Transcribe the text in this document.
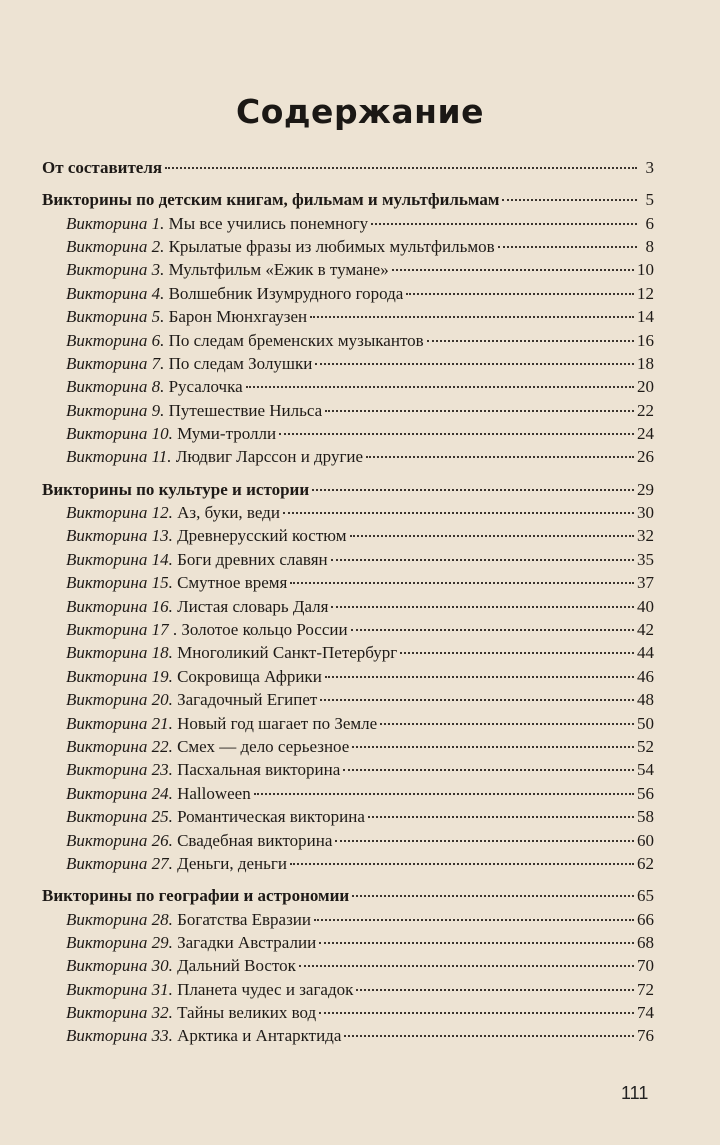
Содержание
От составителя	3
Викторины по детским книгам, фильмам и мультфильмам	5
Викторина 1. Мы все учились понемногу	6
Викторина 2. Крылатые фразы из любимых мультфильмов	8
Викторина 3. Мультфильм «Ежик в тумане»	10
Викторина 4. Волшебник Изумрудного города	12
Викторина 5. Барон Мюнхгаузен	14
Викторина 6. По следам бременских музыкантов	16
Викторина 7. По следам Золушки	18
Викторина 8. Русалочка	20
Викторина 9. Путешествие Нильса	22
Викторина 10. Муми-тролли	24
Викторина 11. Людвиг Ларссон и другие	26
Викторины по культуре и истории	29
Викторина 12. Аз, буки, веди	30
Викторина 13. Древнерусский костюм	32
Викторина 14. Боги древних славян	35
Викторина 15. Смутное время	37
Викторина 16. Листая словарь Даля	40
Викторина 17 . Золотое кольцо России	42
Викторина 18. Многоликий Санкт-Петербург	44
Викторина 19. Сокровища Африки	46
Викторина 20. Загадочный Египет	48
Викторина 21. Новый год шагает по Земле	50
Викторина 22. Смех — дело серьезное	52
Викторина 23. Пасхальная викторина	54
Викторина 24. Halloween	56
Викторина 25. Романтическая викторина	58
Викторина 26. Свадебная викторина	60
Викторина 27. Деньги, деньги	62
Викторины по географии и астрономии	65
Викторина 28. Богатства Евразии	66
Викторина 29. Загадки Австралии	68
Викторина 30. Дальний Восток	70
Викторина 31. Планета чудес и загадок	72
Викторина 32. Тайны великих вод	74
Викторина 33. Арктика и Антарктида	76
111
